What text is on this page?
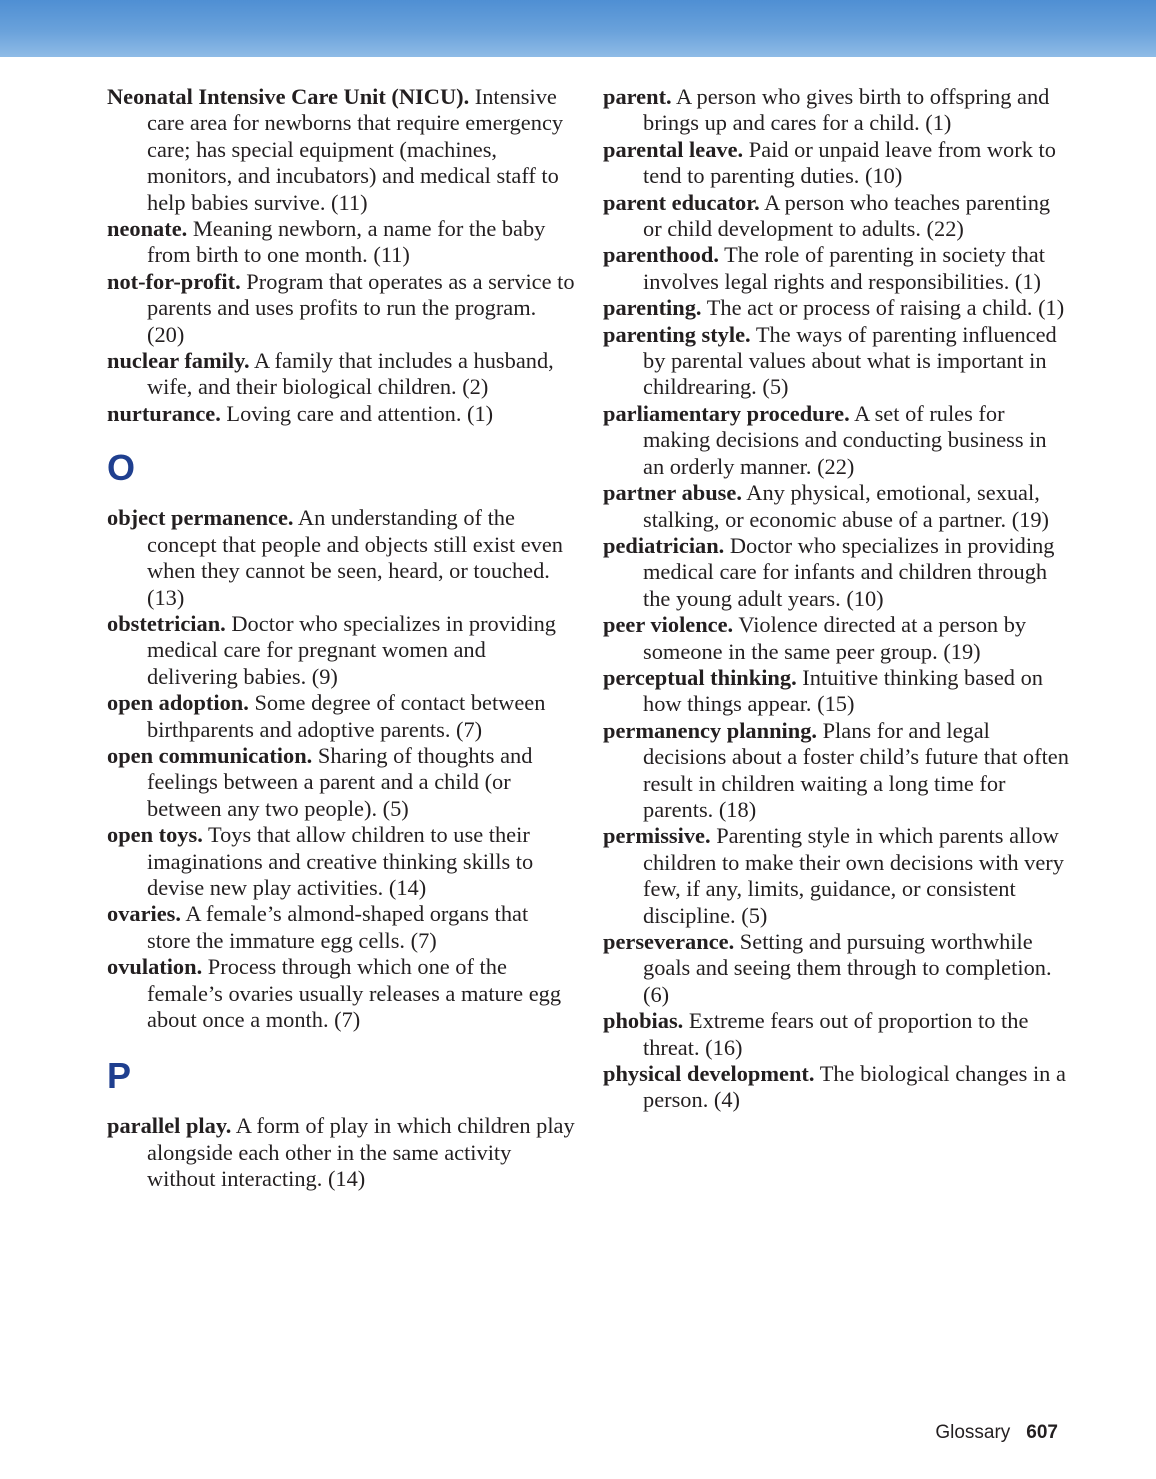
Neonatal Intensive Care Unit (NICU). Intensive care area for newborns that require emergency care; has special equipment (machines, monitors, and incubators) and medical staff to help babies survive. (11)

neonate. Meaning newborn, a name for the baby from birth to one month. (11)

not-for-profit. Program that operates as a service to parents and uses profits to run the program. (20)

nuclear family. A family that includes a husband, wife, and their biological children. (2)

nurturance. Loving care and attention. (1)

O

object permanence. An understanding of the concept that people and objects still exist even when they cannot be seen, heard, or touched. (13)

obstetrician. Doctor who specializes in providing medical care for pregnant women and delivering babies. (9)

open adoption. Some degree of contact between birthparents and adoptive parents. (7)

open communication. Sharing of thoughts and feelings between a parent and a child (or between any two people). (5)

open toys. Toys that allow children to use their imaginations and creative thinking skills to devise new play activities. (14)

ovaries. A female’s almond-shaped organs that store the immature egg cells. (7)

ovulation. Process through which one of the female’s ovaries usually releases a mature egg about once a month. (7)

P

parallel play. A form of play in which children play alongside each other in the same activity without interacting. (14)

parent. A person who gives birth to offspring and brings up and cares for a child. (1)

parental leave. Paid or unpaid leave from work to tend to parenting duties. (10)

parent educator. A person who teaches parenting or child development to adults. (22)

parenthood. The role of parenting in society that involves legal rights and responsibilities. (1)

parenting. The act or process of raising a child. (1)

parenting style. The ways of parenting influenced by parental values about what is important in childrearing. (5)

parliamentary procedure. A set of rules for making decisions and conducting business in an orderly manner. (22)

partner abuse. Any physical, emotional, sexual, stalking, or economic abuse of a partner. (19)

pediatrician. Doctor who specializes in providing medical care for infants and children through the young adult years. (10)

peer violence. Violence directed at a person by someone in the same peer group. (19)

perceptual thinking. Intuitive thinking based on how things appear. (15)

permanency planning. Plans for and legal decisions about a foster child’s future that often result in children waiting a long time for parents. (18)

permissive. Parenting style in which parents allow children to make their own decisions with very few, if any, limits, guidance, or consistent discipline. (5)

perseverance. Setting and pursuing worthwhile goals and seeing them through to completion. (6)

phobias. Extreme fears out of proportion to the threat. (16)

physical development. The biological changes in a person. (4)

Glossary 607
